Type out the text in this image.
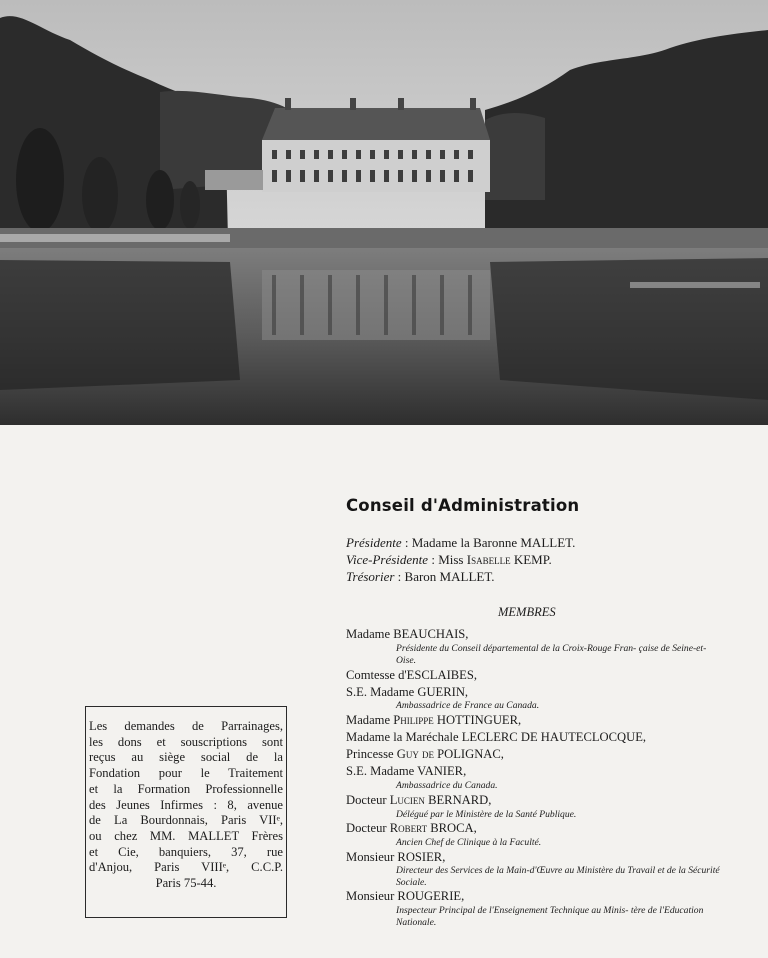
Les demandes de Parrainages,
les dons et souscriptions sont
reçus au siège social de la
Fondation pour le Traitement
et la Formation Professionnelle
des Jeunes Infirmes : 8, avenue
de La Bourdonnais, Paris VIIᵉ,
ou chez MM. MALLET Frères
et Cie, banquiers, 37, rue
d'Anjou, Paris VIIIᵉ, C.C.P.
Paris 75-44.

Conseil d'Administration
Présidente : Madame la Baronne MALLET.
Vice-Présidente : Miss Isabelle KEMP.
Trésorier : Baron MALLET.
MEMBRES
Madame BEAUCHAIS,
Présidente du Conseil départemental de la Croix-Rouge Fran- çaise de Seine-et-Oise.
Comtesse d'ESCLAIBES,
S.E. Madame GUERIN,
Ambassadrice de France au Canada.
Madame Philippe HOTTINGUER,
Madame la Maréchale LECLERC DE HAUTECLOCQUE,
Princesse Guy de POLIGNAC,
S.E. Madame VANIER,
Ambassadrice du Canada.
Docteur Lucien BERNARD,
Délégué par le Ministère de la Santé Publique.
Docteur Robert BROCA,
Ancien Chef de Clinique à la Faculté.
Monsieur ROSIER,
Directeur des Services de la Main-d'Œuvre au Ministère du Travail et de la Sécurité Sociale.
Monsieur ROUGERIE,
Inspecteur Principal de l'Enseignement Technique au Minis- tère de l'Education Nationale.
